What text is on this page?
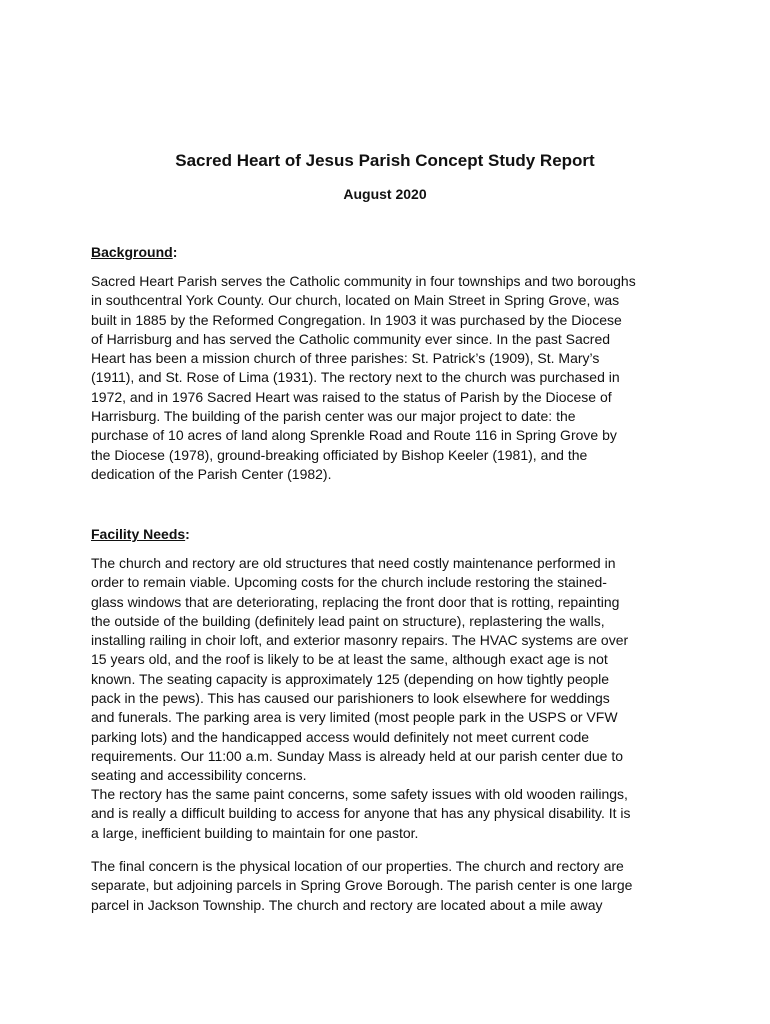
Sacred Heart of Jesus Parish Concept Study Report
August 2020
Background:
Sacred Heart Parish serves the Catholic community in four townships and two boroughs
in southcentral York County. Our church, located on Main Street in Spring Grove, was
built in 1885 by the Reformed Congregation. In 1903 it was purchased by the Diocese
of Harrisburg and has served the Catholic community ever since. In the past Sacred
Heart has been a mission church of three parishes: St. Patrick’s (1909), St. Mary’s
(1911), and St. Rose of Lima (1931). The rectory next to the church was purchased in
1972, and in 1976 Sacred Heart was raised to the status of Parish by the Diocese of
Harrisburg. The building of the parish center was our major project to date: the
purchase of 10 acres of land along Sprenkle Road and Route 116 in Spring Grove by
the Diocese (1978), ground-breaking officiated by Bishop Keeler (1981), and the
dedication of the Parish Center (1982).
Facility Needs:
The church and rectory are old structures that need costly maintenance performed in
order to remain viable. Upcoming costs for the church include restoring the stained-
glass windows that are deteriorating, replacing the front door that is rotting, repainting
the outside of the building (definitely lead paint on structure), replastering the walls,
installing railing in choir loft, and exterior masonry repairs. The HVAC systems are over
15 years old, and the roof is likely to be at least the same, although exact age is not
known. The seating capacity is approximately 125 (depending on how tightly people
pack in the pews). This has caused our parishioners to look elsewhere for weddings
and funerals. The parking area is very limited (most people park in the USPS or VFW
parking lots) and the handicapped access would definitely not meet current code
requirements. Our 11:00 a.m. Sunday Mass is already held at our parish center due to
seating and accessibility concerns.
The rectory has the same paint concerns, some safety issues with old wooden railings,
and is really a difficult building to access for anyone that has any physical disability. It is
a large, inefficient building to maintain for one pastor.
The final concern is the physical location of our properties. The church and rectory are
separate, but adjoining parcels in Spring Grove Borough. The parish center is one large
parcel in Jackson Township. The church and rectory are located about a mile away
